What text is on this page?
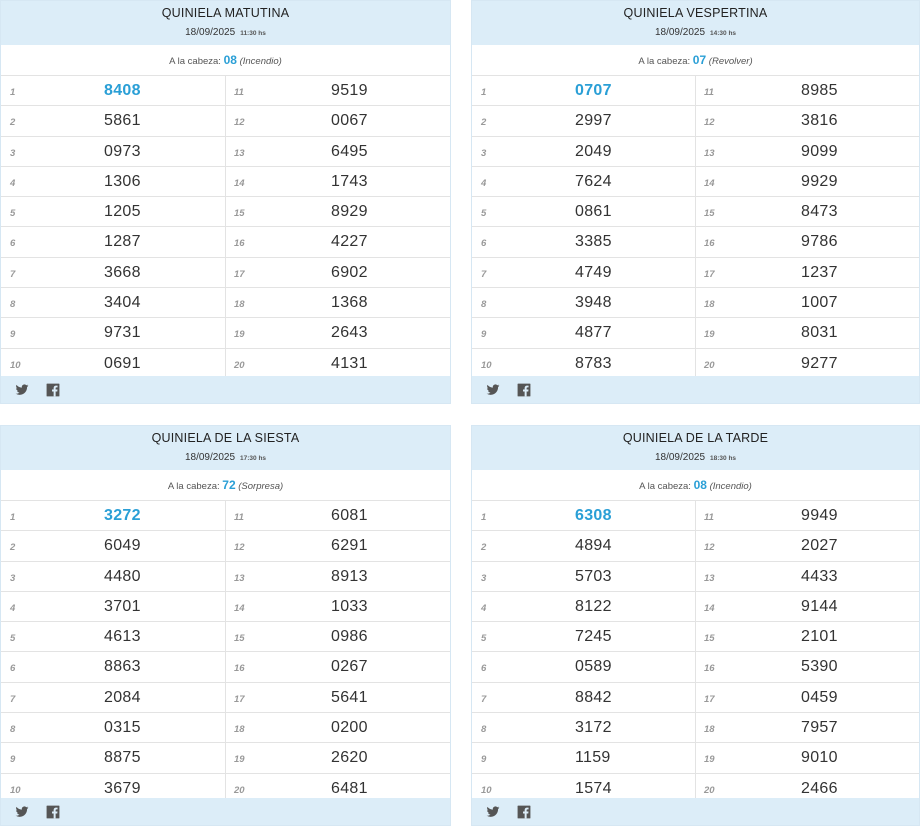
QUINIELA MATUTINA
18/09/2025 11:30 hs
A la cabeza: 08 (Incendio)
1	8408
2	5861
3	0973
4	1306
5	1205
6	1287
7	3668
8	3404
9	9731
10	0691
11	9519
12	0067
13	6495
14	1743
15	8929
16	4227
17	6902
18	1368
19	2643
20	4131
QUINIELA VESPERTINA
18/09/2025 14:30 hs
A la cabeza: 07 (Revolver)
1	0707
2	2997
3	2049
4	7624
5	0861
6	3385
7	4749
8	3948
9	4877
10	8783
11	8985
12	3816
13	9099
14	9929
15	8473
16	9786
17	1237
18	1007
19	8031
20	9277
QUINIELA DE LA SIESTA
18/09/2025 17:30 hs
A la cabeza: 72 (Sorpresa)
1	3272
2	6049
3	4480
4	3701
5	4613
6	8863
7	2084
8	0315
9	8875
10	3679
11	6081
12	6291
13	8913
14	1033
15	0986
16	0267
17	5641
18	0200
19	2620
20	6481
QUINIELA DE LA TARDE
18/09/2025 18:30 hs
A la cabeza: 08 (Incendio)
1	6308
2	4894
3	5703
4	8122
5	7245
6	0589
7	8842
8	3172
9	1159
10	1574
11	9949
12	2027
13	4433
14	9144
15	2101
16	5390
17	0459
18	7957
19	9010
20	2466
